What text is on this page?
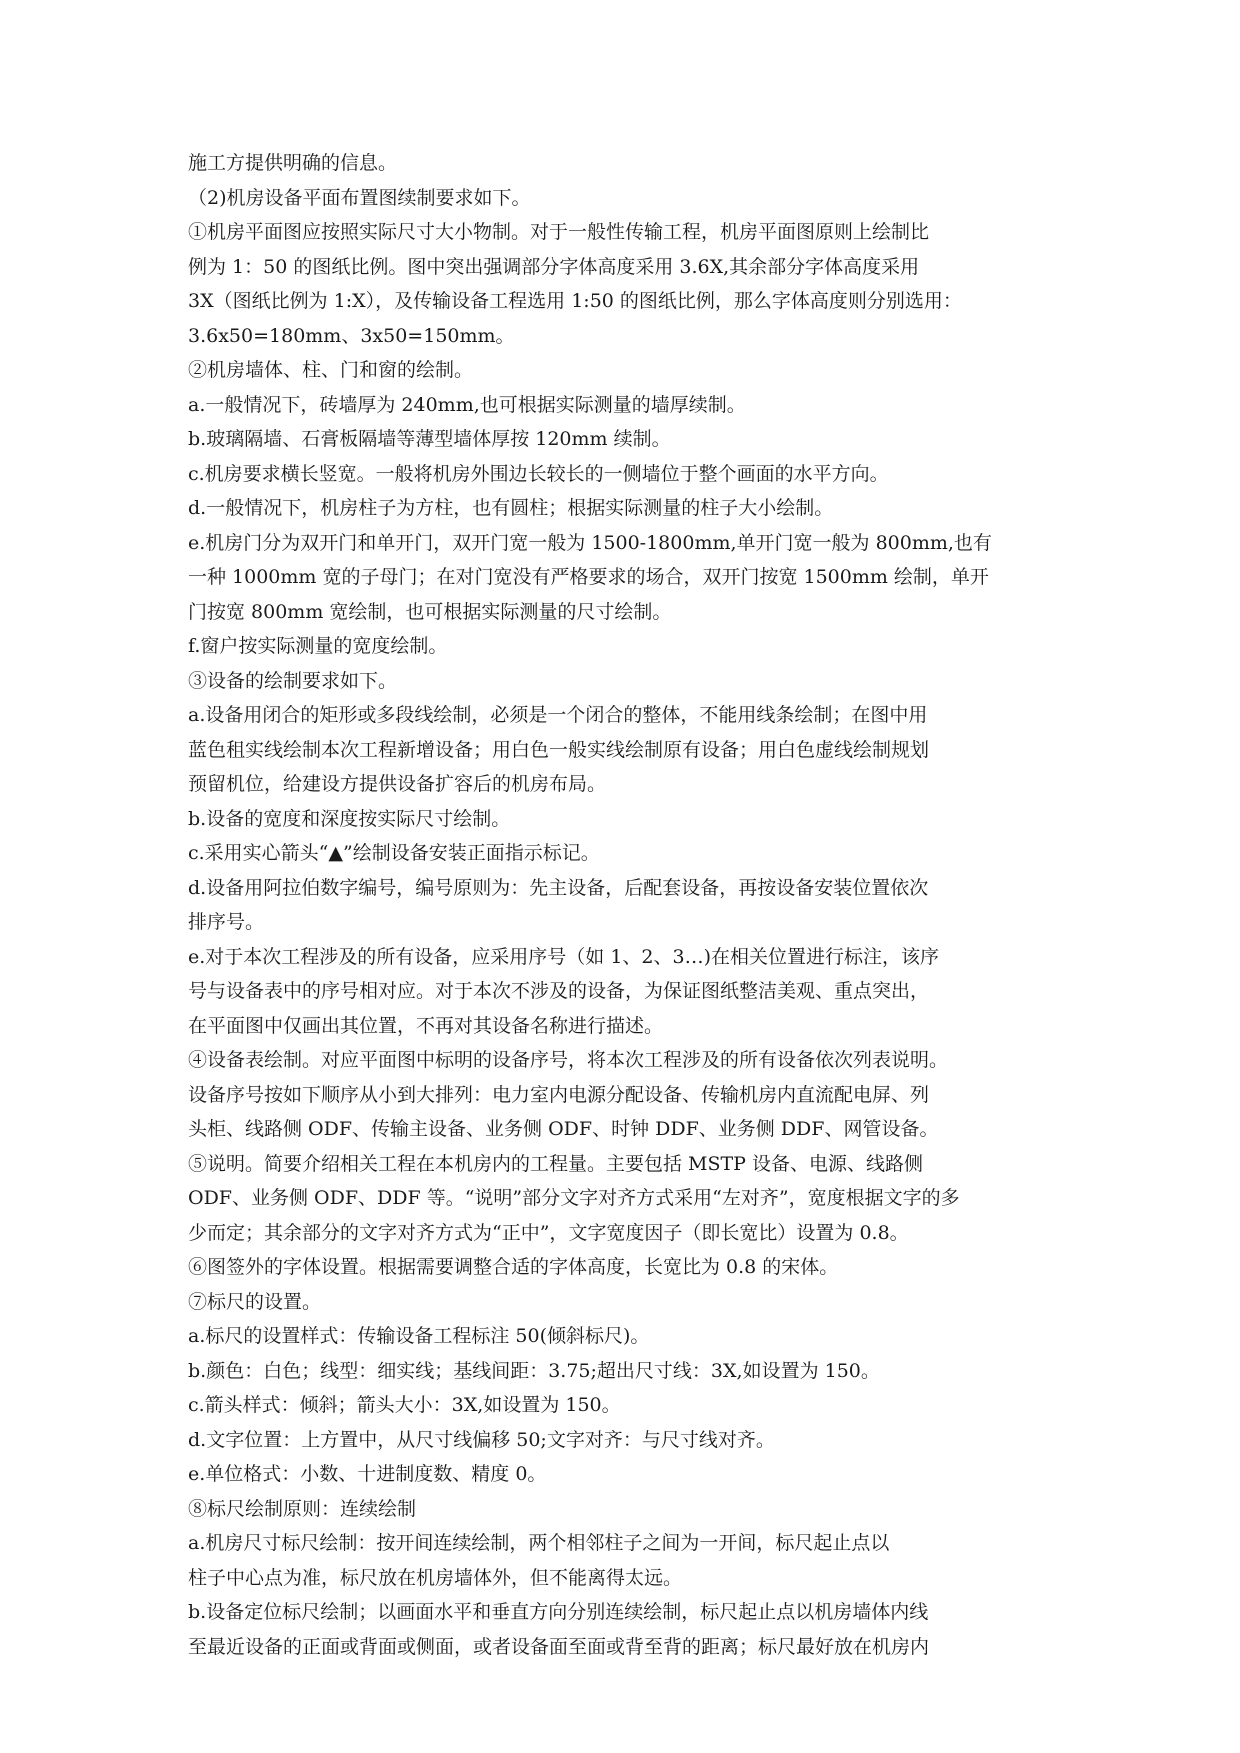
施工方提供明确的信息。
（2)机房设备平面布置图续制要求如下。
①机房平面图应按照实际尺寸大小物制。对于一般性传输工程，机房平面图原则上绘制比
例为 1：50 的图纸比例。图中突出强调部分字体高度采用 3.6X,其余部分字体高度采用
3X（图纸比例为 1:X），及传输设备工程选用 1:50 的图纸比例，那么字体高度则分别选用：
3.6x50=180mm、3x50=150mm。
②机房墙体、柱、门和窗的绘制。
a.一般情况下，砖墙厚为 240mm,也可根据实际测量的墙厚续制。
b.玻璃隔墙、石膏板隔墙等薄型墙体厚按 120mm 续制。
c.机房要求横长竖宽。一般将机房外围边长较长的一侧墙位于整个画面的水平方向。
d.一般情况下，机房柱子为方柱，也有圆柱；根据实际测量的柱子大小绘制。
e.机房门分为双开门和单开门，双开门宽一般为 1500-1800mm,单开门宽一般为 800mm,也有
一种 1000mm 宽的子母门；在对门宽没有严格要求的场合，双开门按宽 1500mm 绘制，单开
门按宽 800mm 宽绘制，也可根据实际测量的尺寸绘制。
f.窗户按实际测量的宽度绘制。
③设备的绘制要求如下。
a.设备用闭合的矩形或多段线绘制，必须是一个闭合的整体，不能用线条绘制；在图中用
蓝色租实线绘制本次工程新增设备；用白色一般实线绘制原有设备；用白色虚线绘制规划
预留机位，给建设方提供设备扩容后的机房布局。
b.设备的宽度和深度按实际尺寸绘制。
c.采用实心箭头“▲”绘制设备安装正面指示标记。
d.设备用阿拉伯数字编号，编号原则为：先主设备，后配套设备，再按设备安装位置依次
排序号。
e.对于本次工程涉及的所有设备，应采用序号（如 1、2、3…)在相关位置进行标注，该序
号与设备表中的序号相对应。对于本次不涉及的设备，为保证图纸整洁美观、重点突出，
在平面图中仅画出其位置，不再对其设备名称进行描述。
④设备表绘制。对应平面图中标明的设备序号，将本次工程涉及的所有设备依次列表说明。
设备序号按如下顺序从小到大排列：电力室内电源分配设备、传输机房内直流配电屏、列
头柜、线路侧 ODF、传输主设备、业务侧 ODF、时钟 DDF、业务侧 DDF、网管设备。
⑤说明。简要介绍相关工程在本机房内的工程量。主要包括 MSTP 设备、电源、线路侧
ODF、业务侧 ODF、DDF 等。“说明”部分文字对齐方式采用“左对齐”，宽度根据文字的多
少而定；其余部分的文字对齐方式为“正中”，文字宽度因子（即长宽比）设置为 0.8。
⑥图签外的字体设置。根据需要调整合适的字体高度，长宽比为 0.8 的宋体。
⑦标尺的设置。
a.标尺的设置样式：传输设备工程标注 50(倾斜标尺)。
b.颜色：白色；线型：细实线；基线间距：3.75;超出尺寸线：3X,如设置为 150。
c.箭头样式：倾斜；箭头大小：3X,如设置为 150。
d.文字位置：上方置中，从尺寸线偏移 50;文字对齐：与尺寸线对齐。
e.单位格式：小数、十进制度数、精度 0。
⑧标尺绘制原则：连续绘制
a.机房尺寸标尺绘制：按开间连续绘制，两个相邻柱子之间为一开间，标尺起止点以
柱子中心点为准，标尺放在机房墙体外，但不能离得太远。
b.设备定位标尺绘制；以画面水平和垂直方向分别连续绘制，标尺起止点以机房墙体内线
至最近设备的正面或背面或侧面，或者设备面至面或背至背的距离；标尺最好放在机房内
